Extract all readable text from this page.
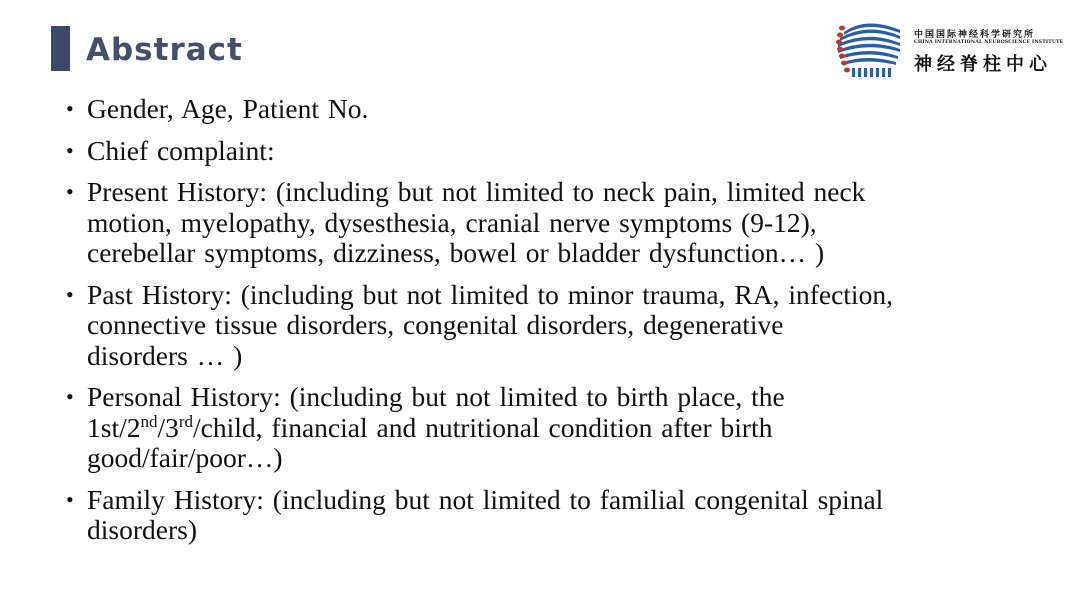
Abstract	中国国际神经科学研究所
CHINA INTERNATIONAL NEUROSCIENCE INSTITUTE
神经脊柱中心
• Gender, Age, Patient No.
• Chief complaint:
• Present History: (including but not limited to neck pain, limited neck
motion, myelopathy, dysesthesia, cranial nerve symptoms (9-12),
cerebellar symptoms, dizziness, bowel or bladder dysfunction… )
• Past History: (including but not limited to minor trauma, RA, infection,
connective tissue disorders, congenital disorders, degenerative
disorders … )
• Personal History: (including but not limited to birth place, the
1st/2nd/3rd/child, financial and nutritional condition after birth
good/fair/poor…)
• Family History: (including but not limited to familial congenital spinal
disorders)
